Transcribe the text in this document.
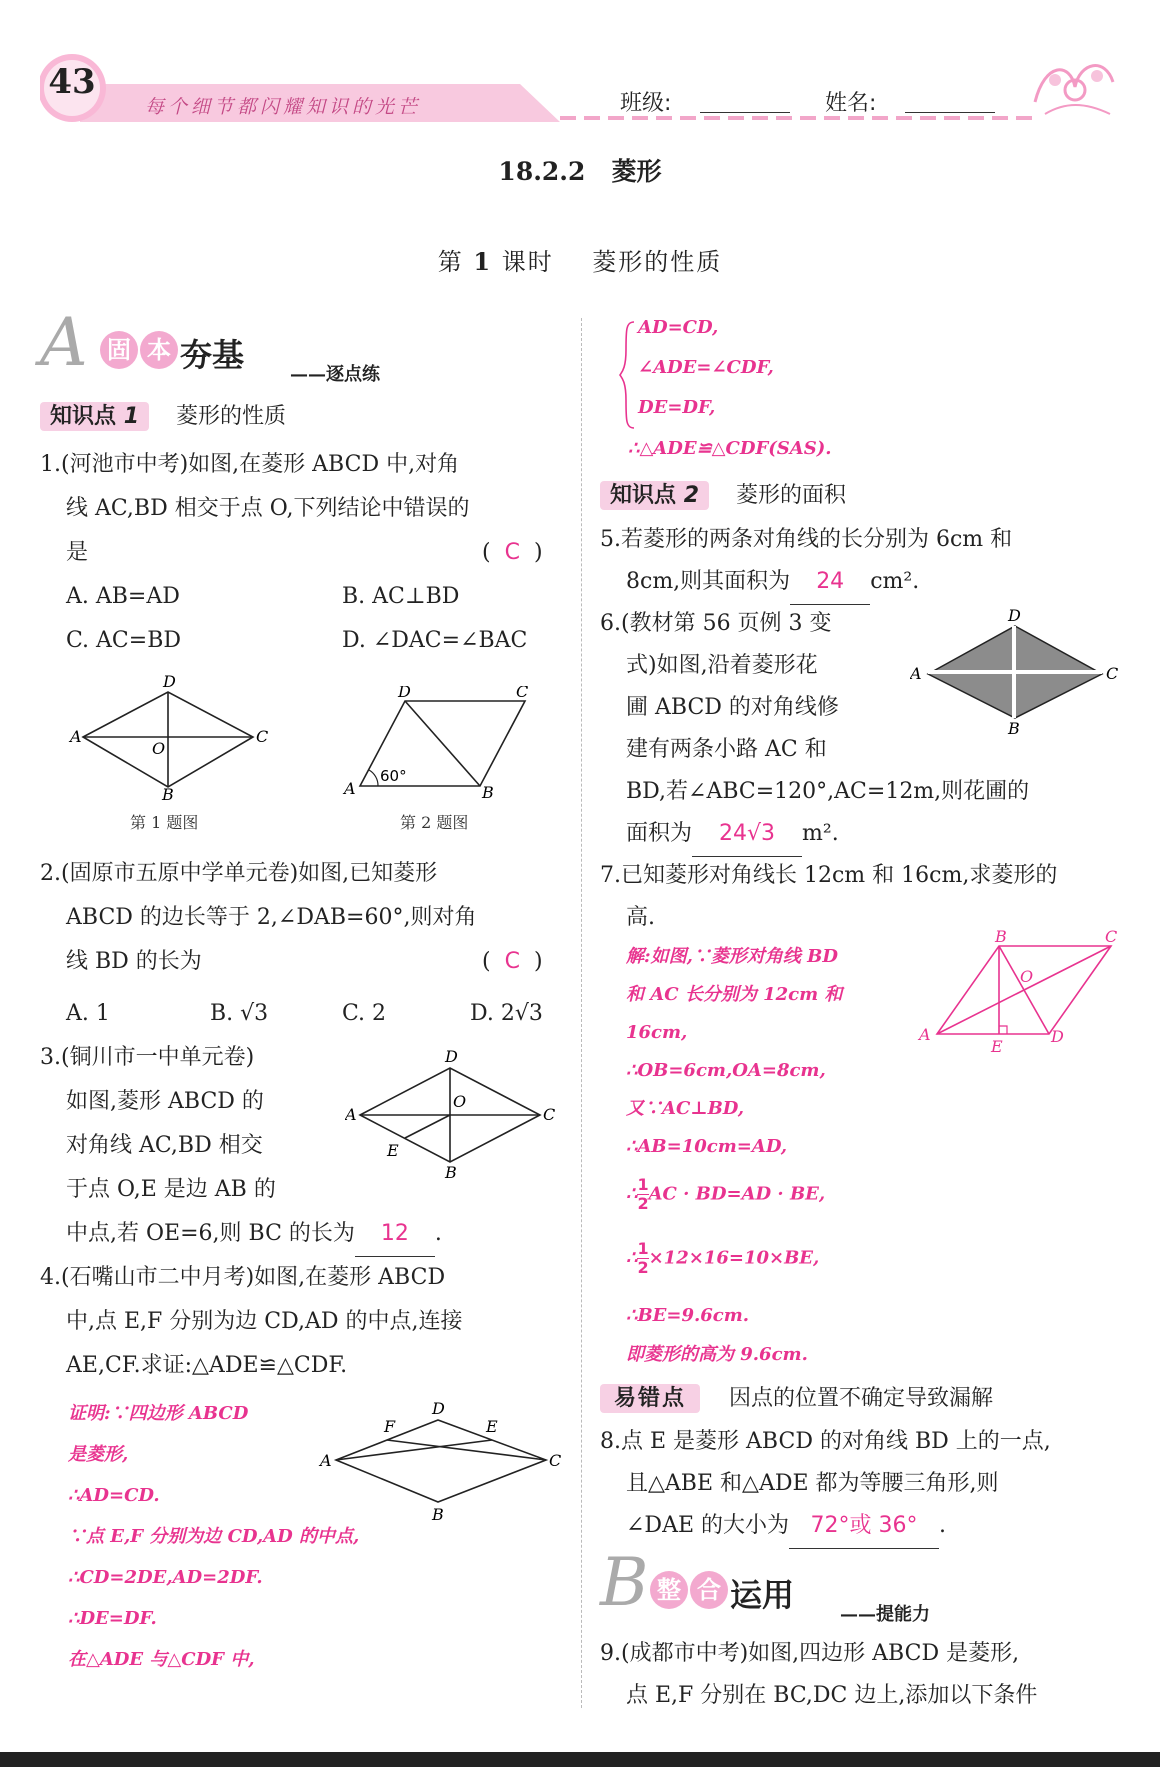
43
每个细节都闪耀知识的光芒	班级:	姓名:
18.2.2 菱形
第 1 课时 菱形的性质
A 固 本 夯基
——逐点练
知识点 1 菱形的性质
1.(河池市中考)如图,在菱形 ABCD 中,对角
线 AC,BD 相交于点 O,下列结论中错误的
是	( C )
A. AB=AD	B. AC⊥BD
C. AC=BD	D. ∠DAC=∠BAC
D
A
O
C
B
第 1 题图
D	C
A	B
60°
第 2 题图
2.(固原市五原中学单元卷)如图,已知菱形
ABCD 的边长等于 2,∠DAB=60°,则对角
线 BD 的长为	( C )
A. 1	B. √3	C. 2	D. 2√3
3.(铜川市一中单元卷)
如图,菱形 ABCD 的
对角线 AC,BD 相交
于点 O,E 是边 AB 的
中点,若 OE=6,则 BC 的长为 12 .
D
A
O
C
E
B
4.(石嘴山市二中月考)如图,在菱形 ABCD
中,点 E,F 分别为边 CD,AD 的中点,连接
AE,CF.求证:△ADE≌△CDF.
D
F	E
A	C
B
证明:∵四边形 ABCD
是菱形,
∴AD=CD.
∵点 E,F 分别为边 CD,AD 的中点,
∴CD=2DE,AD=2DF.
∴DE=DF.
在△ADE 与△CDF 中,
AD=CD,
∠ADE=∠CDF,
DE=DF,
∴△ADE≌△CDF(SAS).
知识点 2 菱形的面积
5.若菱形的两条对角线的长分别为 6cm 和
8cm,则其面积为 24 cm².
6.(教材第 56 页例 3 变
式)如图,沿着菱形花
圃 ABCD 的对角线修
建有两条小路 AC 和
BD,若∠ABC=120°,AC=12m,则花圃的
面积为 24√3 m².
D
A	C
B
7.已知菱形对角线长 12cm 和 16cm,求菱形的
高.
B	C
O
A
E
D
解:如图,∵菱形对角线 BD
和 AC 长分别为 12cm 和
16cm,
∴OB=6cm,OA=8cm,
又∵AC⊥BD,
∴AB=10cm=AD,
∴ $\frac{1}{2}$ AC · BD=AD · BE,
∴ $\frac{1}{2} \times 12\times 16=10\times BE$,
∴BE=9.6cm.
即菱形的高为 9.6cm.
易错点 因点的位置不确定导致漏解
8.点 E 是菱形 ABCD 的对角线 BD 上的一点,
且△ABE 和△ADE 都为等腰三角形,则
∠DAE 的大小为 72°或 36° .
B 整 合 运用
——提能力
9.(成都市中考)如图,四边形 ABCD 是菱形,
点 E,F 分别在 BC,DC 边上,添加以下条件
